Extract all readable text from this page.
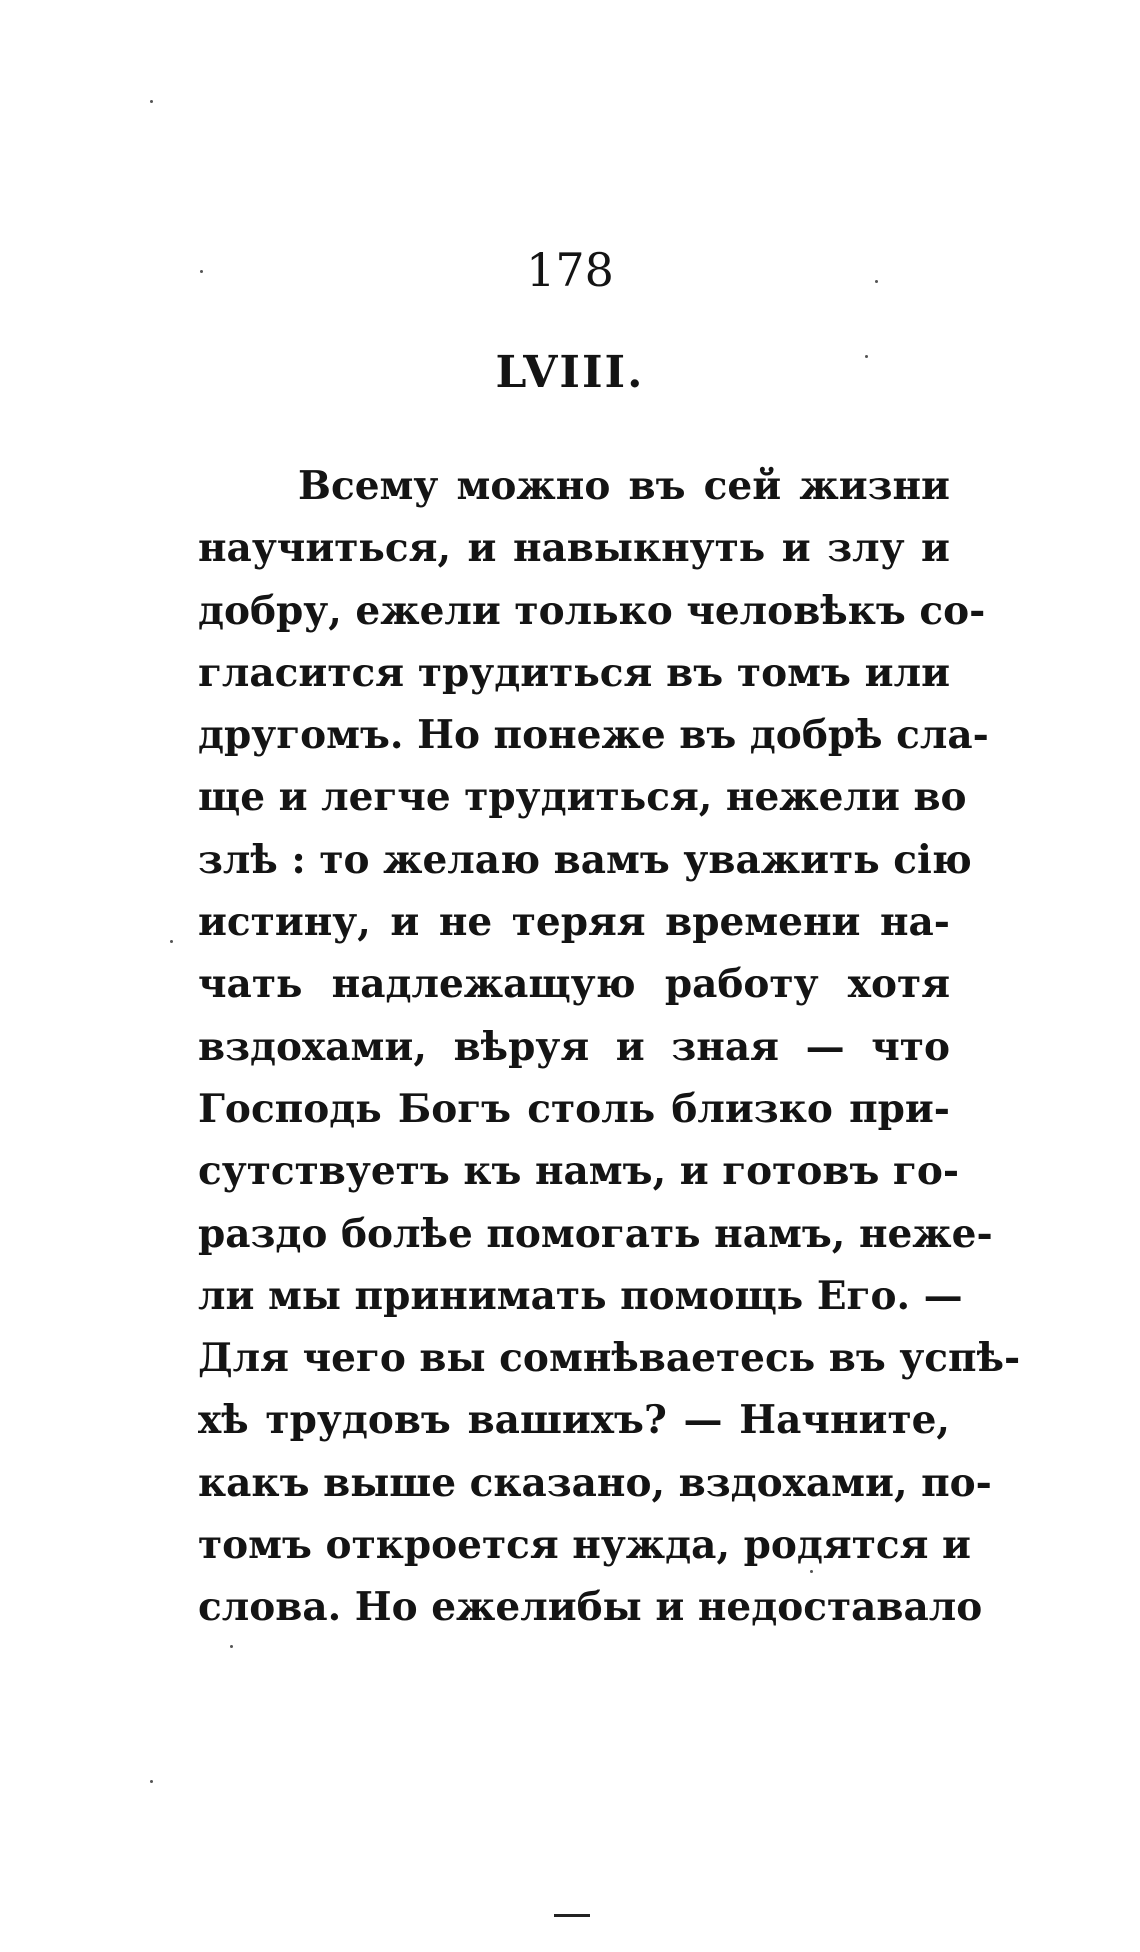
178
LVIII.
Всему можно въ сей жизни
научиться, и навыкнуть и злу и
добру, ежели только человѣкъ со-
гласится трудиться въ томъ или
другомъ. Но понеже въ добрѣ сла-
ще и легче трудиться, нежели во
злѣ : то желаю вамъ уважить сію
истину, и не теряя времени на-
чать надлежащую работу хотя
вздохами, вѣруя и зная — что
Господь Богъ столь близко при-
сутствуетъ къ намъ, и готовъ го-
раздо болѣе помогать намъ, неже-
ли мы принимать помощь Его. —
Для чего вы сомнѣваетесь въ успѣ-
хѣ трудовъ вашихъ? — Начните,
какъ выше сказано, вздохами, по-
томъ откроется нужда, родятся и
слова. Но ежелибы и недоставало
